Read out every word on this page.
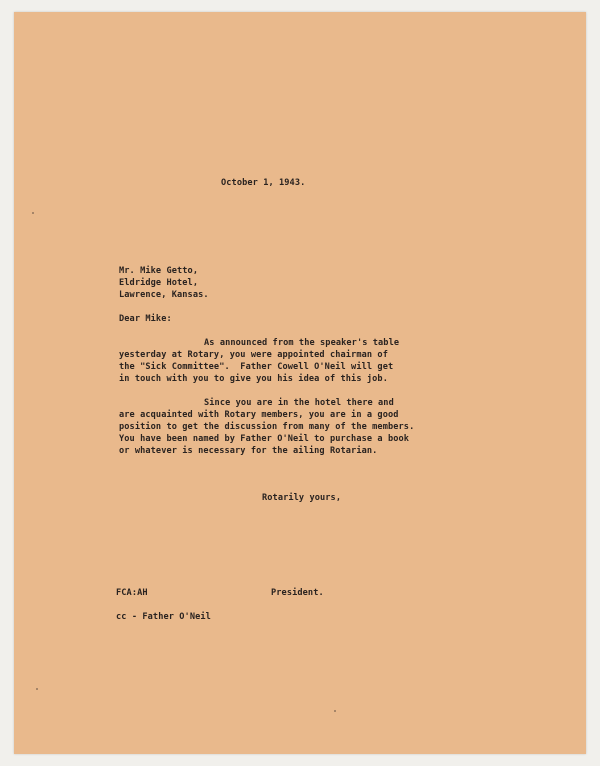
October 1, 1943.
Mr. Mike Getto,
Eldridge Hotel,
Lawrence, Kansas.
Dear Mike:
As announced from the speaker's table
yesterday at Rotary, you were appointed chairman of
the "Sick Committee".  Father Cowell O'Neil will get
in touch with you to give you his idea of this job.
Since you are in the hotel there and
are acquainted with Rotary members, you are in a good
position to get the discussion from many of the members.
You have been named by Father O'Neil to purchase a book
or whatever is necessary for the ailing Rotarian.
Rotarily yours,
FCA:AH	President.
cc - Father O'Neil
